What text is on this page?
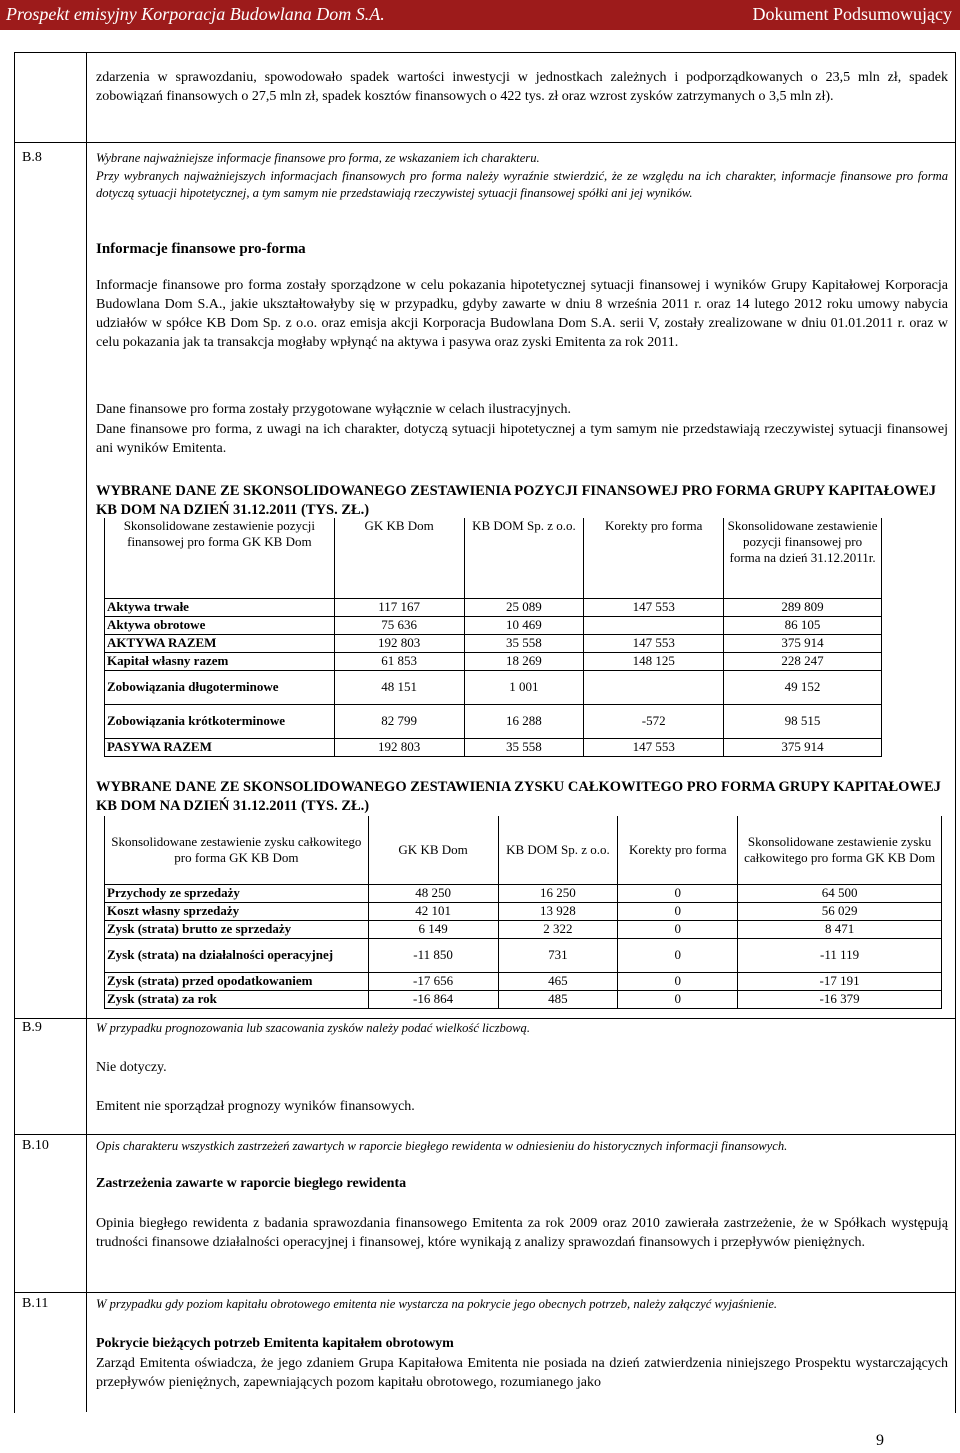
Prospekt emisyjny Korporacja Budowlana Dom S.A.	Dokument Podsumowujący
zdarzenia w sprawozdaniu, spowodowało spadek wartości inwestycji w jednostkach zależnych i podporządkowanych o 23,5 mln zł, spadek zobowiązań finansowych o 27,5 mln zł, spadek kosztów finansowych o 422 tys. zł oraz wzrost zysków zatrzymanych o 3,5 mln zł).
B.8	Wybrane najważniejsze informacje finansowe pro forma, ze wskazaniem ich charakteru.
Przy wybranych najważniejszych informacjach finansowych pro forma należy wyraźnie stwierdzić, że ze względu na ich charakter, informacje finansowe pro forma dotyczą sytuacji hipotetycznej, a tym samym nie przedstawiają rzeczywistej sytuacji finansowej spółki ani jej wyników.
Informacje finansowe pro-forma
Informacje finansowe pro forma zostały sporządzone w celu pokazania hipotetycznej sytuacji finansowej i wyników Grupy Kapitałowej Korporacja Budowlana Dom S.A., jakie ukształtowałyby się w przypadku, gdyby zawarte w dniu 8 września 2011 r. oraz 14 lutego 2012 roku umowy nabycia udziałów w spółce KB Dom Sp. z o.o. oraz emisja akcji Korporacja Budowlana Dom S.A. serii V, zostały zrealizowane w dniu 01.01.2011 r. oraz w celu pokazania jak ta transakcja mogłaby wpłynąć na aktywa i pasywa oraz zyski Emitenta za rok 2011.
Dane finansowe pro forma zostały przygotowane wyłącznie w celach ilustracyjnych.
Dane finansowe pro forma, z uwagi na ich charakter, dotyczą sytuacji hipotetycznej a tym samym nie przedstawiają rzeczywistej sytuacji finansowej ani wyników Emitenta.
WYBRANE DANE ZE SKONSOLIDOWANEGO ZESTAWIENIA POZYCJI FINANSOWEJ PRO FORMA GRUPY KAPITAŁOWEJ KB DOM NA DZIEŃ 31.12.2011 (TYS. ZŁ.)
Skonsolidowane zestawienie pozycji finansowej pro forma GK KB Dom	GK KB Dom	KB DOM Sp. z o.o.	Korekty pro forma	Skonsolidowane zestawienie pozycji finansowej pro forma na dzień 31.12.2011r.
Aktywa trwałe	117 167	25 089	147 553	289 809
Aktywa obrotowe	75 636	10 469		86 105
AKTYWA RAZEM	192 803	35 558	147 553	375 914
Kapitał własny razem	61 853	18 269	148 125	228 247
Zobowiązania długoterminowe	48 151	1 001		49 152
Zobowiązania krótkoterminowe	82 799	16 288	-572	98 515
PASYWA RAZEM	192 803	35 558	147 553	375 914
WYBRANE DANE ZE SKONSOLIDOWANEGO ZESTAWIENIA ZYSKU CAŁKOWITEGO PRO FORMA GRUPY KAPITAŁOWEJ KB DOM NA DZIEŃ 31.12.2011 (TYS. ZŁ.)
Skonsolidowane zestawienie zysku całkowitego pro forma GK KB Dom	GK KB Dom	KB DOM Sp. z o.o.	Korekty pro forma	Skonsolidowane zestawienie zysku całkowitego pro forma GK KB Dom
Przychody ze sprzedaży	48 250	16 250	0	64 500
Koszt własny sprzedaży	42 101	13 928	0	56 029
Zysk (strata) brutto ze sprzedaży	6 149	2 322	0	8 471
Zysk (strata) na działalności operacyjnej	-11 850	731	0	-11 119
Zysk (strata) przed opodatkowaniem	-17 656	465	0	-17 191
Zysk (strata) za rok	-16 864	485	0	-16 379
B.9	W przypadku prognozowania lub szacowania zysków należy podać wielkość liczbową.
Nie dotyczy.
Emitent nie sporządzał prognozy wyników finansowych.
B.10	Opis charakteru wszystkich zastrzeżeń zawartych w raporcie biegłego rewidenta w odniesieniu do historycznych informacji finansowych.
Zastrzeżenia zawarte w raporcie biegłego rewidenta
Opinia biegłego rewidenta z badania sprawozdania finansowego Emitenta za rok 2009 oraz 2010 zawierała zastrzeżenie, że w Spółkach występują trudności finansowe działalności operacyjnej i finansowej, które wynikają z analizy sprawozdań finansowych i przepływów pieniężnych.
B.11	W przypadku gdy poziom kapitału obrotowego emitenta nie wystarcza na pokrycie jego obecnych potrzeb, należy załączyć wyjaśnienie.
Pokrycie bieżących potrzeb Emitenta kapitałem obrotowym
Zarząd Emitenta oświadcza, że jego zdaniem Grupa Kapitałowa Emitenta nie posiada na dzień zatwierdzenia niniejszego Prospektu wystarczających przepływów pieniężnych, zapewniających pozom kapitału obrotowego, rozumianego jako
9
